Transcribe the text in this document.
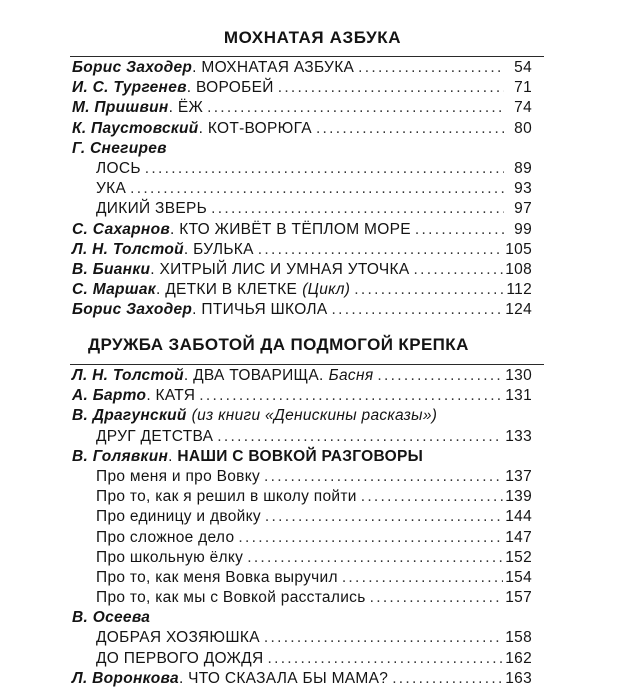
МОХНАТАЯ АЗБУКА
Борис Заходер . МОХНАТАЯ АЗБУКА . . .	54
И. С. Тургенев . ВОРОБЕЙ . . .	71
М. Пришвин . ЁЖ . . .	74
К. Паустовский . КОТ-ВОРЮГА . . .	80
Г. Снегирев
ЛОСЬ . . .	89
УКА . . .	93
ДИКИЙ ЗВЕРЬ . . .	97
С. Сахарнов . КТО ЖИВЁТ В ТЁПЛОМ МОРЕ . . .	99
Л. Н. Толстой . БУЛЬКА . . .	105
В. Бианки . ХИТРЫЙ ЛИС И УМНАЯ УТОЧКА . . .	108
С. Маршак . ДЕТКИ В КЛЕТКЕ (Цикл) . . .	112
Борис Заходер . ПТИЧЬЯ ШКОЛА . . .	124
ДРУЖБА ЗАБОТОЙ ДА ПОДМОГОЙ КРЕПКА
Л. Н. Толстой . ДВА ТОВАРИЩА. Басня . . .	130
А. Барто . КАТЯ . . .	131
В. Драгунский (из книги «Денискины расказы»)
ДРУГ ДЕТСТВА . . .	133
В. Голявкин . НАШИ С ВОВКОЙ РАЗГОВОРЫ
Про меня и про Вовку . . .	137
Про то, как я решил в школу пойти . . .	139
Про единицу и двойку . . .	144
Про сложное дело . . .	147
Про школьную ёлку . . .	152
Про то, как меня Вовка выручил . . .	154
Про то, как мы с Вовкой расстались . . .	157
В. Осеева
ДОБРАЯ ХОЗЯЮШКА . . .	158
ДО ПЕРВОГО ДОЖДЯ . . .	162
Л. Воронкова . ЧТО СКАЗАЛА БЫ МАМА? . . .	163
